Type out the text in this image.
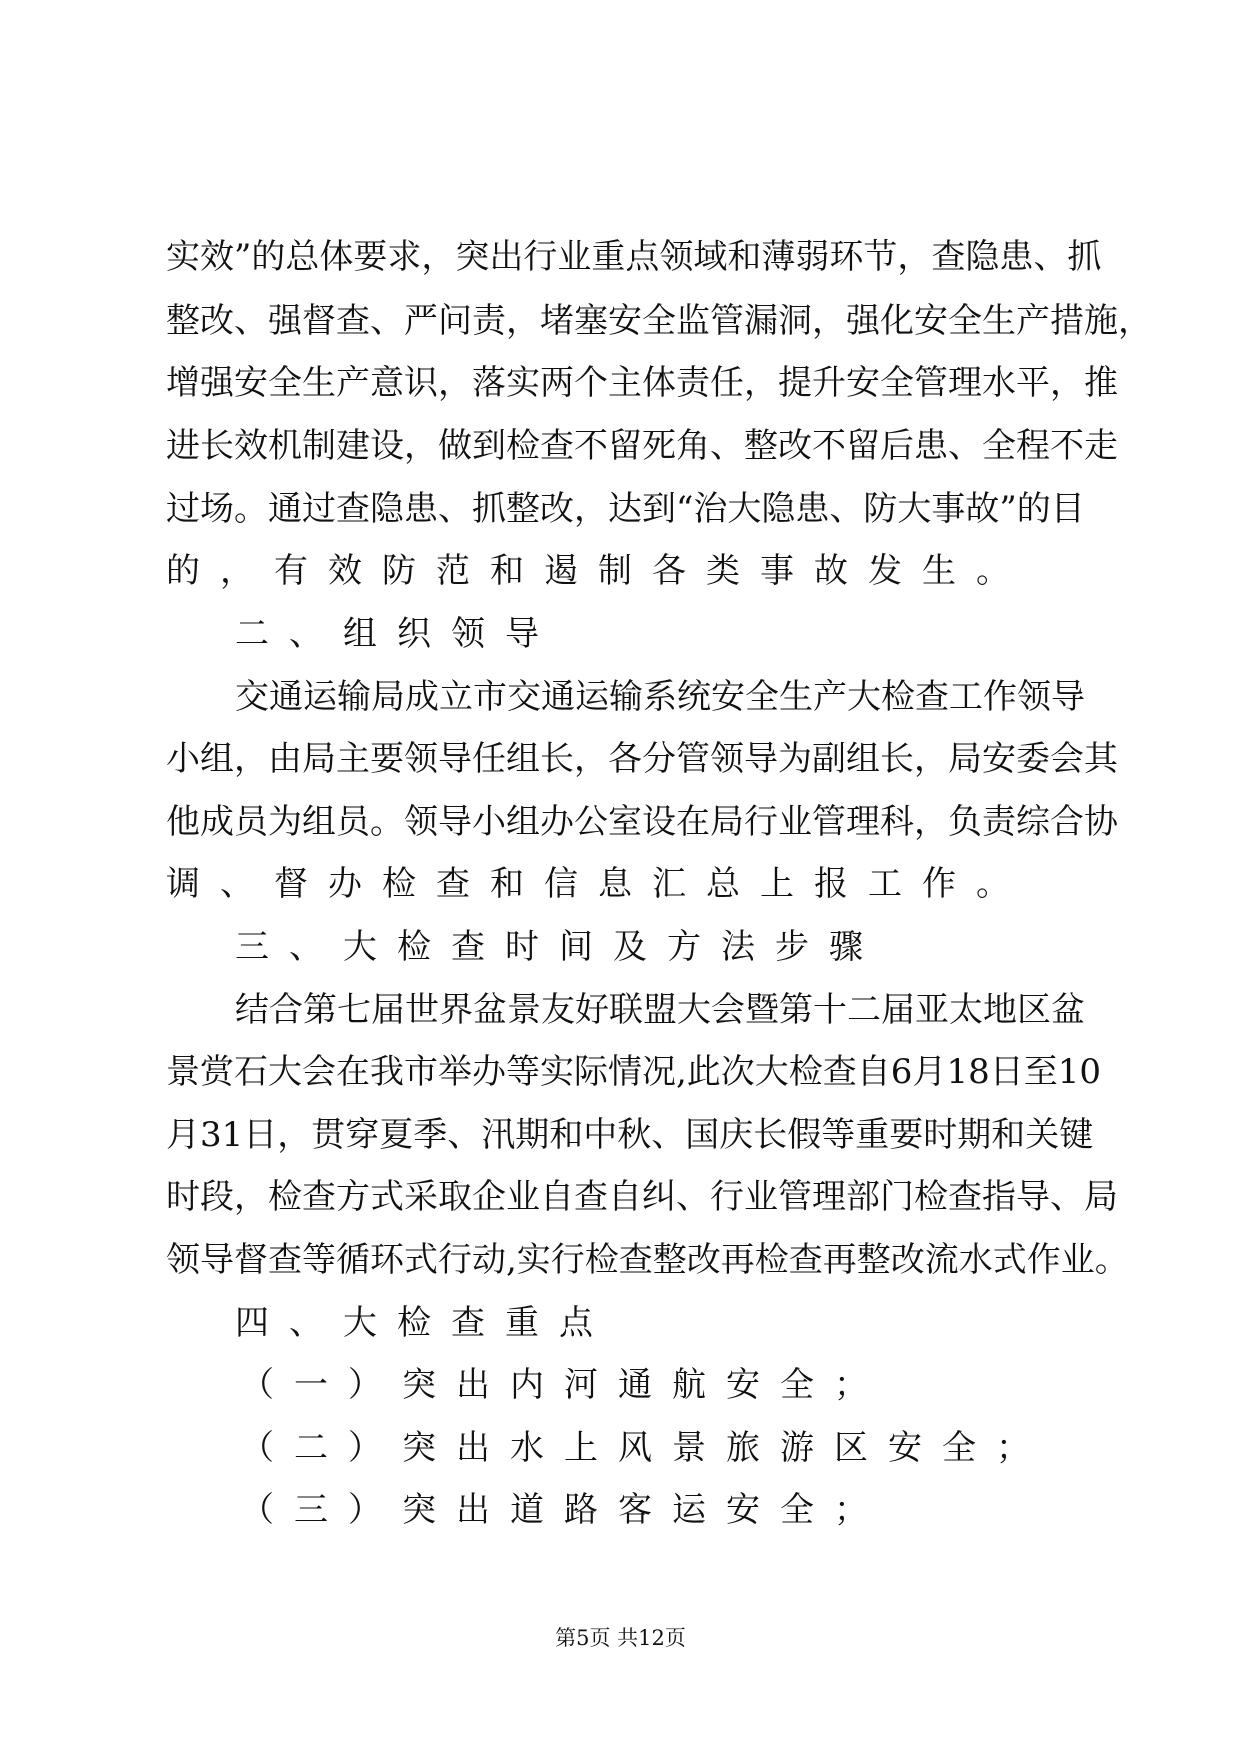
实效”的总体要求，突出行业重点领域和薄弱环节，查隐患、抓
整改、强督查、严问责，堵塞安全监管漏洞，强化安全生产措施，
增强安全生产意识，落实两个主体责任，提升安全管理水平，推
进长效机制建设，做到检查不留死角、整改不留后患、全程不走
过场。通过查隐患、抓整改，达到“治大隐患、防大事故”的目
的，有效防范和遏制各类事故发生。
二、组织领导
交通运输局成立市交通运输系统安全生产大检查工作领导
小组，由局主要领导任组长，各分管领导为副组长，局安委会其
他成员为组员。领导小组办公室设在局行业管理科，负责综合协
调、督办检查和信息汇总上报工作。
三、大检查时间及方法步骤
结合第七届世界盆景友好联盟大会暨第十二届亚太地区盆
景赏石大会在我市举办等实际情况,此次大检查自6月18日至10
月31日，贯穿夏季、汛期和中秋、国庆长假等重要时期和关键
时段，检查方式采取企业自查自纠、行业管理部门检查指导、局
领导督查等循环式行动,实行检查整改再检查再整改流水式作业。
四、大检查重点
（一）突出内河通航安全；
（二）突出水上风景旅游区安全；
（三）突出道路客运安全；
第5页 共12页
